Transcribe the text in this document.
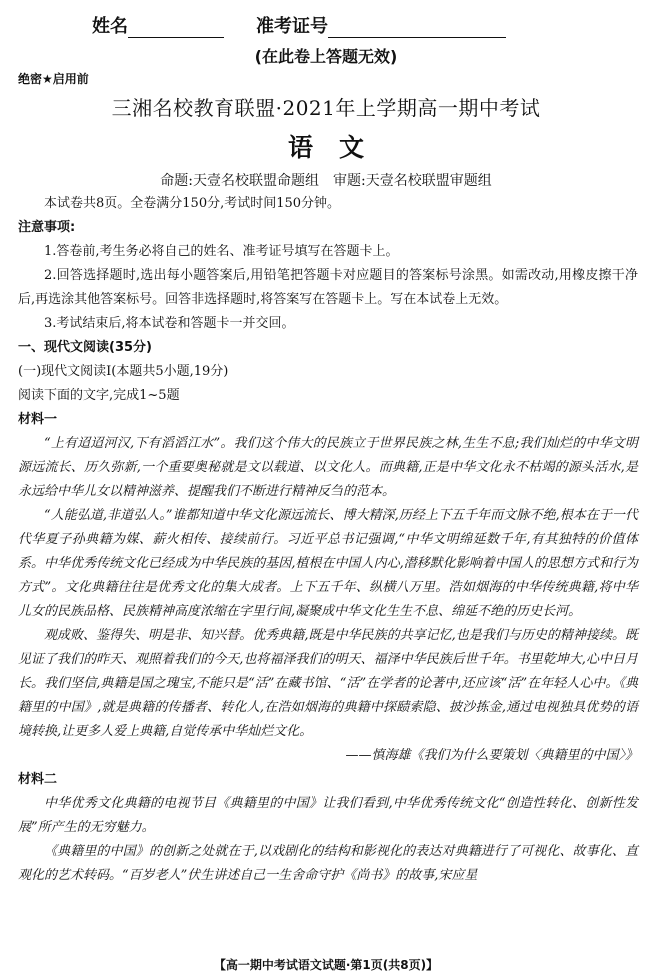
姓名	准考证号
(在此卷上答题无效)
绝密★启用前
三湘名校教育联盟·2021年上学期高一期中考试
语文
命题:天壹名校联盟命题组 审题:天壹名校联盟审题组

本试卷共8页。全卷满分150分,考试时间150分钟。

注意事项:

1.答卷前,考生务必将自己的姓名、准考证号填写在答题卡上。

2.回答选择题时,选出每小题答案后,用铅笔把答题卡对应题目的答案标号涂黑。如需改动,用橡皮擦干净后,再选涂其他答案标号。回答非选择题时,将答案写在答题卡上。写在本试卷上无效。

3.考试结束后,将本试卷和答题卡一并交回。

一、现代文阅读(35分)

(一)现代文阅读Ⅰ(本题共5小题,19分)

阅读下面的文字,完成1~5题

材料一

“上有迢迢河汉,下有滔滔江水”。我们这个伟大的民族立于世界民族之林,生生不息;我们灿烂的中华文明源远流长、历久弥新,一个重要奥秘就是文以载道、以文化人。而典籍,正是中华文化永不枯竭的源头活水,是永远给中华儿女以精神滋养、提醒我们不断进行精神反刍的范本。

“人能弘道,非道弘人。”谁都知道中华文化源远流长、博大精深,历经上下五千年而文脉不绝,根本在于一代代华夏子孙典籍为媒、薪火相传、接续前行。习近平总书记强调,“中华文明绵延数千年,有其独特的价值体系。中华优秀传统文化已经成为中华民族的基因,植根在中国人内心,潜移默化影响着中国人的思想方式和行为方式”。文化典籍往往是优秀文化的集大成者。上下五千年、纵横八万里。浩如烟海的中华传统典籍,将中华儿女的民族品格、民族精神高度浓缩在字里行间,凝聚成中华文化生生不息、绵延不绝的历史长河。

观成败、鉴得失、明是非、知兴替。优秀典籍,既是中华民族的共享记忆,也是我们与历史的精神接续。既见证了我们的昨天、观照着我们的今天,也将福泽我们的明天、福泽中华民族后世千年。书里乾坤大,心中日月长。我们坚信,典籍是国之瑰宝,不能只是“活”在藏书馆、“活”在学者的论著中,还应该“活”在年轻人心中。《典籍里的中国》,就是典籍的传播者、转化人,在浩如烟海的典籍中探赜索隐、披沙拣金,通过电视独具优势的语境转换,让更多人爱上典籍,自觉传承中华灿烂文化。

——慎海雄《我们为什么要策划〈典籍里的中国〉》

材料二

中华优秀文化典籍的电视节目《典籍里的中国》让我们看到,中华优秀传统文化“创造性转化、创新性发展”所产生的无穷魅力。

《典籍里的中国》的创新之处就在于,以戏剧化的结构和影视化的表达对典籍进行了可视化、故事化、直观化的艺术转码。“百岁老人”伏生讲述自己一生舍命守护《尚书》的故事,宋应星

【高一期中考试语文试题·第1页(共8页)】
